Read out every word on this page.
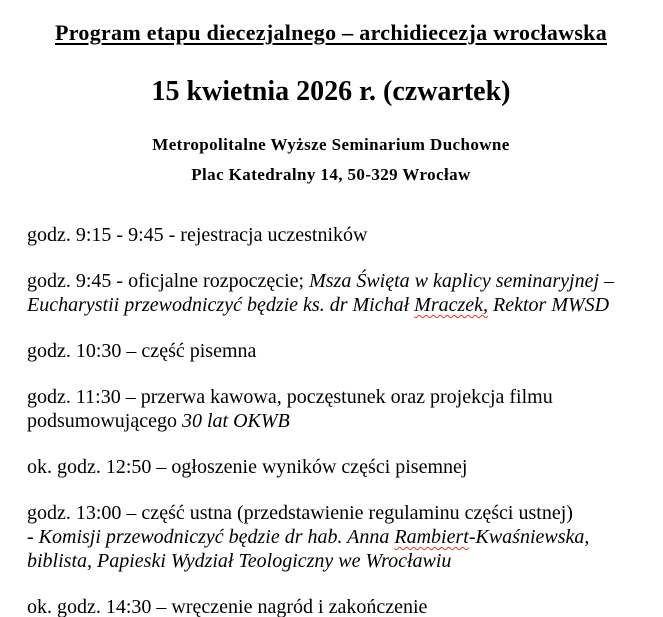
Program etapu diecezjalnego – archidiecezja wrocławska
15 kwietnia 2026 r. (czwartek)
Metropolitalne Wyższe Seminarium Duchowne
Plac Katedralny 14, 50-329 Wrocław

godz. 9:15 - 9:45 - rejestracja uczestników

godz. 9:45 - oficjalne rozpoczęcie; Msza Święta w kaplicy seminaryjnej –
Eucharystii przewodniczyć będzie ks. dr Michał Mraczek, Rektor MWSD

godz. 10:30 – część pisemna

godz. 11:30 – przerwa kawowa, poczęstunek oraz projekcja filmu
podsumowującego 30 lat OKWB

ok. godz. 12:50 – ogłoszenie wyników części pisemnej

godz. 13:00 – część ustna (przedstawienie regulaminu części ustnej)
- Komisji przewodniczyć będzie dr hab. Anna Rambiert-Kwaśniewska,
biblista, Papieski Wydział Teologiczny we Wrocławiu

ok. godz. 14:30 – wręczenie nagród i zakończenie
